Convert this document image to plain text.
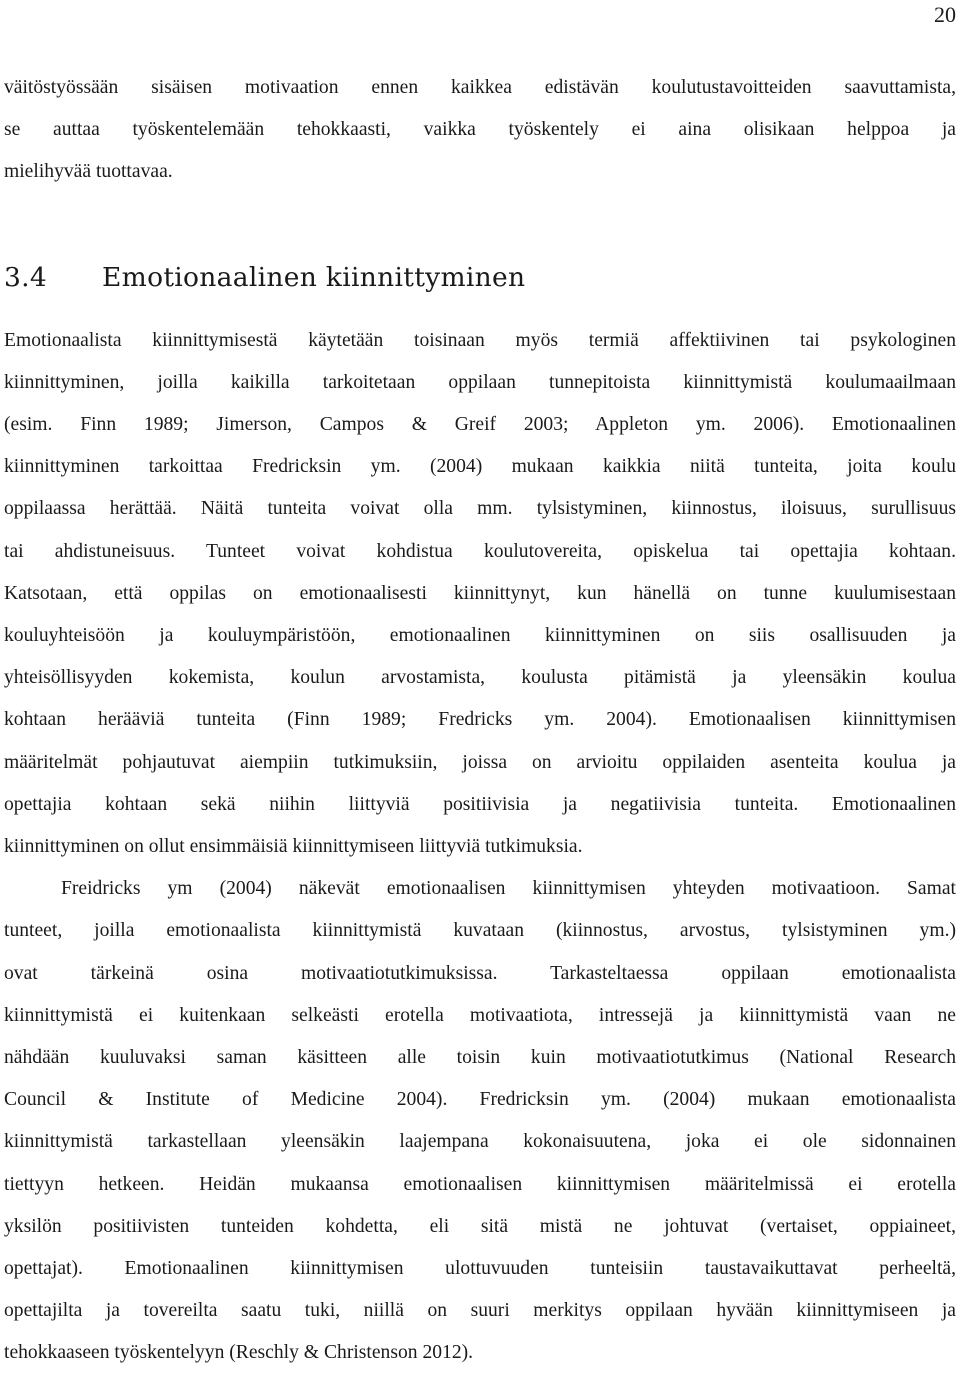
20

väitöstyössään sisäisen motivaation ennen kaikkea edistävän koulutustavoitteiden saavuttamista,
se auttaa työskentelemään tehokkaasti, vaikka työskentely ei aina olisikaan helppoa ja
mielihyvää tuottavaa.

3.4	Emotionaalinen kiinnittyminen

Emotionaalista kiinnittymisestä käytetään toisinaan myös termiä affektiivinen tai psykologinen
kiinnittyminen, joilla kaikilla tarkoitetaan oppilaan tunnepitoista kiinnittymistä koulumaailmaan
(esim. Finn 1989; Jimerson, Campos & Greif 2003; Appleton ym. 2006). Emotionaalinen
kiinnittyminen tarkoittaa Fredricksin ym. (2004) mukaan kaikkia niitä tunteita, joita koulu
oppilaassa herättää. Näitä tunteita voivat olla mm. tylsistyminen, kiinnostus, iloisuus, surullisuus
tai ahdistuneisuus. Tunteet voivat kohdistua koulutovereita, opiskelua tai opettajia kohtaan.
Katsotaan, että oppilas on emotionaalisesti kiinnittynyt, kun hänellä on tunne kuulumisestaan
kouluyhteisöön ja kouluympäristöön, emotionaalinen kiinnittyminen on siis osallisuuden ja
yhteisöllisyyden kokemista, koulun arvostamista, koulusta pitämistä ja yleensäkin koulua
kohtaan herääviä tunteita (Finn 1989; Fredricks ym. 2004). Emotionaalisen kiinnittymisen
määritelmät pohjautuvat aiempiin tutkimuksiin, joissa on arvioitu oppilaiden asenteita koulua ja
opettajia kohtaan sekä niihin liittyviä positiivisia ja negatiivisia tunteita. Emotionaalinen
kiinnittyminen on ollut ensimmäisiä kiinnittymiseen liittyviä tutkimuksia.

Freidricks ym (2004) näkevät emotionaalisen kiinnittymisen yhteyden motivaatioon. Samat
tunteet, joilla emotionaalista kiinnittymistä kuvataan (kiinnostus, arvostus, tylsistyminen ym.)
ovat tärkeinä osina motivaatiotutkimuksissa. Tarkasteltaessa oppilaan emotionaalista
kiinnittymistä ei kuitenkaan selkeästi erotella motivaatiota, intressejä ja kiinnittymistä vaan ne
nähdään kuuluvaksi saman käsitteen alle toisin kuin motivaatiotutkimus (National Research
Council & Institute of Medicine 2004). Fredricksin ym. (2004) mukaan emotionaalista
kiinnittymistä tarkastellaan yleensäkin laajempana kokonaisuutena, joka ei ole sidonnainen
tiettyyn hetkeen. Heidän mukaansa emotionaalisen kiinnittymisen määritelmissä ei erotella
yksilön positiivisten tunteiden kohdetta, eli sitä mistä ne johtuvat (vertaiset, oppiaineet,
opettajat). Emotionaalinen kiinnittymisen ulottuvuuden tunteisiin taustavaikuttavat perheeltä,
opettajilta ja tovereilta saatu tuki, niillä on suuri merkitys oppilaan hyvään kiinnittymiseen ja
tehokkaaseen työskentelyyn (Reschly & Christenson 2012).
